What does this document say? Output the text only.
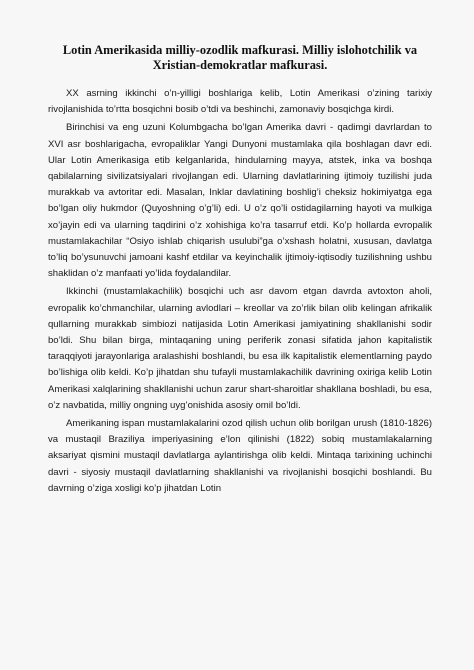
Lotin Amerikasida milliy-ozodlik mafkurasi. Milliy islohotchilik va Xristian-demokratlar mafkurasi.

XX asrning ikkinchi o’n-yilligi boshlariga kelib, Lotin Amerikasi o’zining tarixiy rivojlanishida to’rtta bosqichni bosib o’tdi va beshinchi, zamonaviy bosqichga kirdi.

Birinchisi va eng uzuni Kolumbgacha bo’lgan Amerika davri - qadimgi davrlardan to XVI asr boshlarigacha, evropaliklar Yangi Dunyoni mustamlaka qila boshlagan davr edi. Ular Lotin Amerikasiga etib kelganlarida, hindularning mayya, atstek, inka va boshqa qabilalarning sivilizatsiyalari rivojlangan edi. Ularning davlatlarining ijtimoiy tuzilishi juda murakkab va avtoritar edi. Masalan, Inklar davlatining boshlig’i cheksiz hokimiyatga ega bo’lgan oliy hukmdor (Quyoshning o’g’li) edi. U o’z qo’li ostidagilarning hayoti va mulkiga xo’jayin edi va ularning taqdirini o’z xohishiga ko’ra tasarruf etdi. Ko’p hollarda evropalik mustamlakachilar “Osiyo ishlab chiqarish usulubi”ga o’xshash holatni, xususan, davlatga to’liq bo’ysunuvchi jamoani kashf etdilar va keyinchalik ijtimoiy-iqtisodiy tuzilishning ushbu shaklidan o’z manfaati yo’lida foydalandilar.

Ikkinchi (mustamlakachilik) bosqichi uch asr davom etgan davrda avtoxton aholi, evropalik ko’chmanchilar, ularning avlodlari – kreollar va zo’rlik bilan olib kelingan afrikalik qullarning murakkab simbiozi natijasida Lotin Amerikasi jamiyatining shakllanishi sodir bo’ldi. Shu bilan birga, mintaqaning uning periferik zonasi sifatida jahon kapitalistik taraqqiyoti jarayonlariga aralashishi boshlandi, bu esa ilk kapitalistik elementlarning paydo bo’lishiga olib keldi. Ko’p jihatdan shu tufayli mustamlakachilik davrining oxiriga kelib Lotin Amerikasi xalqlarining shakllanishi uchun zarur shart-sharoitlar shakllana boshladi, bu esa, o’z navbatida, milliy ongning uyg’onishida asosiy omil bo’ldi.

Amerikaning ispan mustamlakalarini ozod qilish uchun olib borilgan urush (1810-1826) va mustaqil Braziliya imperiyasining e’lon qilinishi (1822) sobiq mustamlakalarning aksariyat qismini mustaqil davlatlarga aylantirishga olib keldi. Mintaqa tarixining uchinchi davri - siyosiy mustaqil davlatlarning shakllanishi va rivojlanishi bosqichi boshlandi. Bu davrning o’ziga xosligi ko’p jihatdan Lotin
